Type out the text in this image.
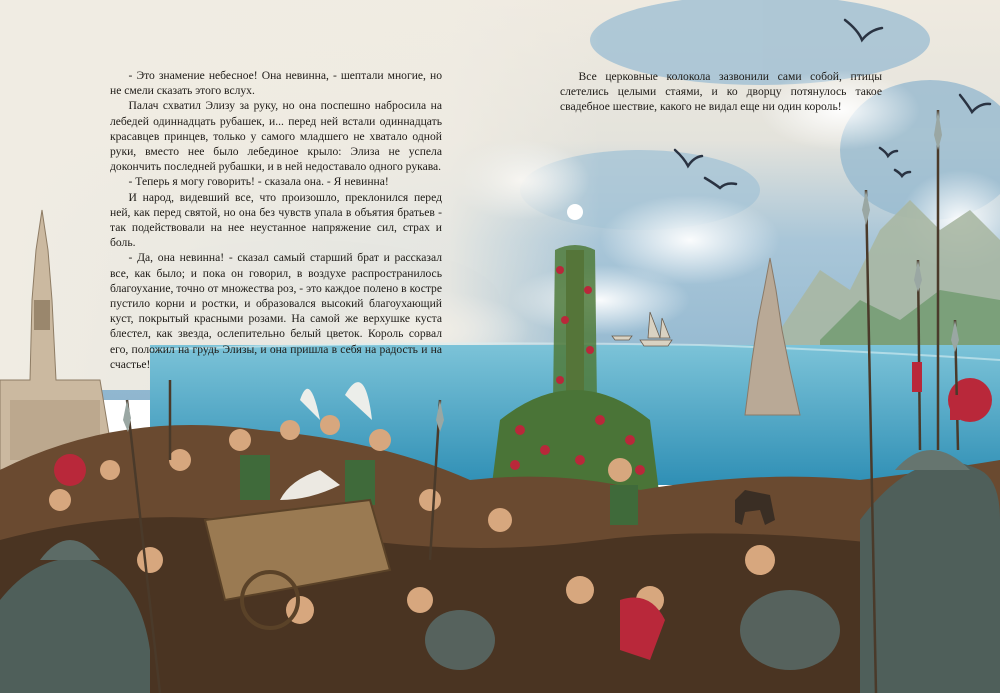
- Это знамение небесное! Она невинна, - шептали многие, но не смели сказать этого вслух.

Палач схватил Элизу за руку, но она поспешно набросила на лебедей одиннадцать рубашек, и... перед ней встали одиннадцать красавцев принцев, только у самого младшего не хватало одной руки, вместо нее было лебединое крыло: Элиза не успела докончить последней рубашки, и в ней недоставало одного рукава.

- Теперь я могу говорить! - сказала она. - Я невинна!

И народ, видевший все, что произошло, преклонился перед ней, как перед святой, но она без чувств упала в объятия братьев - так подействовали на нее неустанное напряжение сил, страх и боль.

- Да, она невинна! - сказал самый старший брат и рассказал все, как было; и пока он говорил, в воздухе распространилось благоухание, точно от множества роз, - это каждое полено в костре пустило корни и ростки, и образовался высокий благоухающий куст, покрытый красными розами. На самой же верхушке куста блестел, как звезда, ослепительно белый цветок. Король сорвал его, положил на грудь Элизы, и она пришла в себя на радость и на счастье!

Все церковные колокола зазвонили сами собой, птицы слетелись целыми стаями, и ко дворцу потянулось такое свадебное шествие, какого не видал еще ни один король!
